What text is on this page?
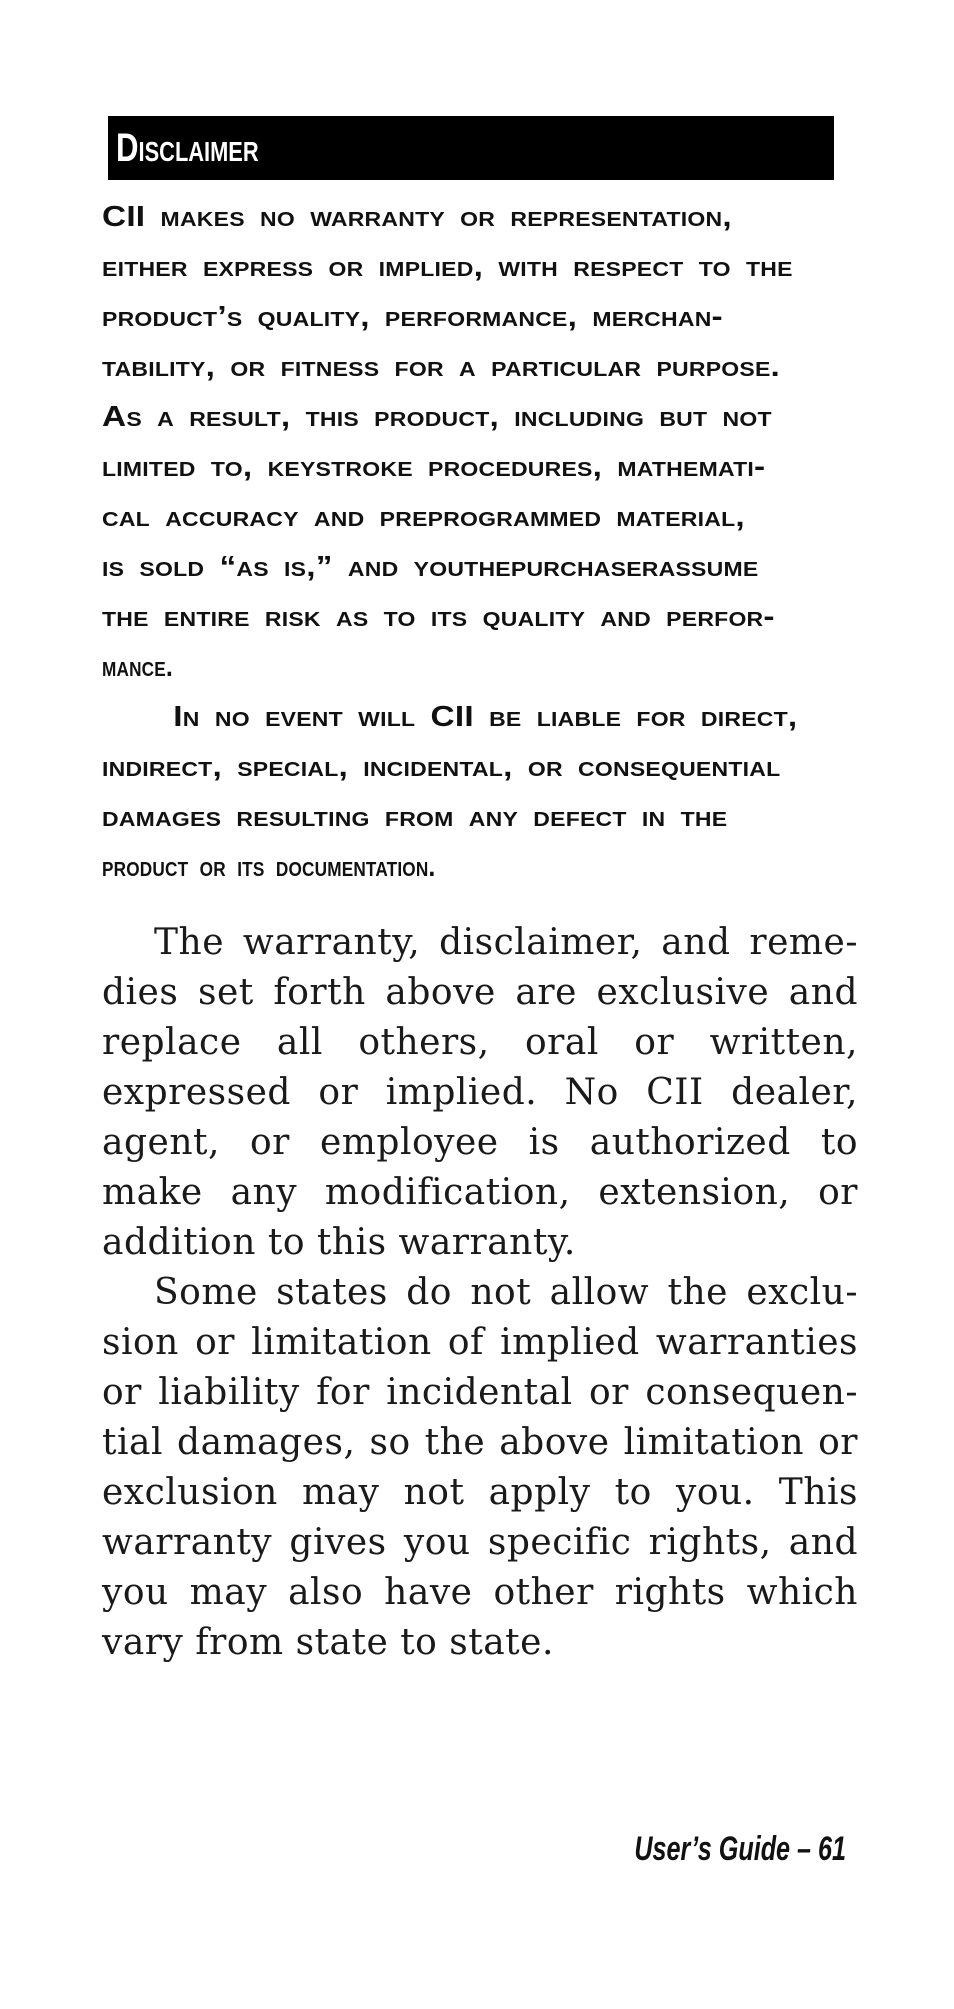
Disclaimer
CII makes no warranty or representation,
either express or implied, with respect to the
product’s quality, performance, merchan-
tability, or fitness for a particular purpose.
As a result, this product, including but not
limited to, keystroke procedures, mathemati-
cal accuracy and preprogrammed material,
is sold “as is,” and youthepurchaserassume
the entire risk as to its quality and perfor-
mance.
In no event will CII be liable for direct,
indirect, special, incidental, or consequential
damages resulting from any defect in the
product or its documentation.
The warranty, disclaimer, and reme-
dies set forth above are exclusive and
replace all others, oral or written,
expressed or implied. No CII dealer,
agent, or employee is authorized to
make any modification, extension, or
addition to this warranty.
Some states do not allow the exclu-
sion or limitation of implied warranties
or liability for incidental or consequen-
tial damages, so the above limitation or
exclusion may not apply to you. This
warranty gives you specific rights, and
you may also have other rights which
vary from state to state.
User’s Guide – 61
